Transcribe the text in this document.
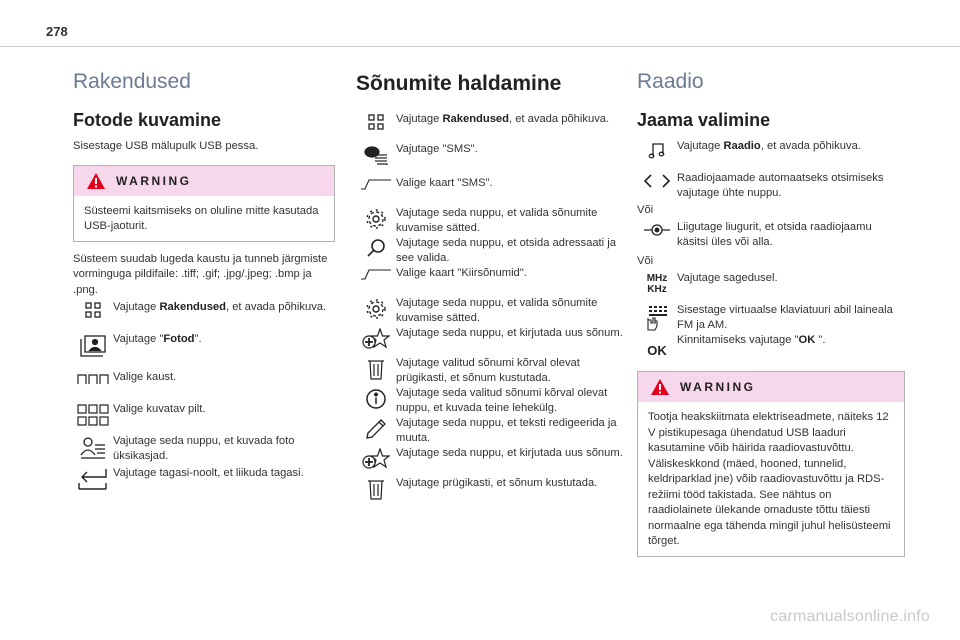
278
Rakendused
Fotode kuvamine
Sisestage USB mälupulk USB pessa.
WARNING
Süsteemi kaitsmiseks on oluline mitte kasutada USB-jaoturit.
Süsteem suudab lugeda kaustu ja tunneb järgmiste vorminguga pildifaile: .tiff; .gif; .jpg/.jpeg; .bmp ja .png.
Vajutage Rakendused, et avada põhikuva.
Vajutage "Fotod".
Valige kaust.
Valige kuvatav pilt.
Vajutage seda nuppu, et kuvada foto üksikasjad.
Vajutage tagasi-noolt, et liikuda tagasi.
Sõnumite haldamine
Vajutage Rakendused, et avada põhikuva.
Vajutage "SMS".
Valige kaart "SMS".
Vajutage seda nuppu, et valida sõnumite kuvamise sätted.
Vajutage seda nuppu, et otsida adressaati ja see valida.
Valige kaart "Kiirsõnumid".
Vajutage seda nuppu, et valida sõnumite kuvamise sätted.
Vajutage seda nuppu, et kirjutada uus sõnum.
Vajutage valitud sõnumi kõrval olevat prügikasti, et sõnum kustutada.
Vajutage seda valitud sõnumi kõrval olevat nuppu, et kuvada teine lehekülg.
Vajutage seda nuppu, et teksti redigeerida ja muuta.
Vajutage seda nuppu, et kirjutada uus sõnum.
Vajutage prügikasti, et sõnum kustutada.
Raadio
Jaama valimine
Vajutage Raadio, et avada põhikuva.
Raadiojaamade automaatseks otsimiseks vajutage ühte nuppu.
Või
Liigutage liugurit, et otsida raadiojaamu käsitsi üles või alla.
Või
MHz
KHz
Vajutage sagedusel.
Sisestage virtuaalse klaviatuuri abil laineala FM ja AM.
OK
Kinnitamiseks vajutage "OK ".
WARNING
Tootja heakskiitmata elektriseadmete, näiteks 12 V pistikupesaga ühendatud USB laaduri kasutamine võib häirida raadiovastuvõttu. Väliskeskkond (mäed, hooned, tunnelid, keldriparklad jne) võib raadiovastuvõttu ja RDS-režiimi tööd takistada. See nähtus on raadiolainete ülekande omaduste tõttu täiesti normaalne ega tähenda mingil juhul helisüsteemi tõrget.
carmanualsonline.info
